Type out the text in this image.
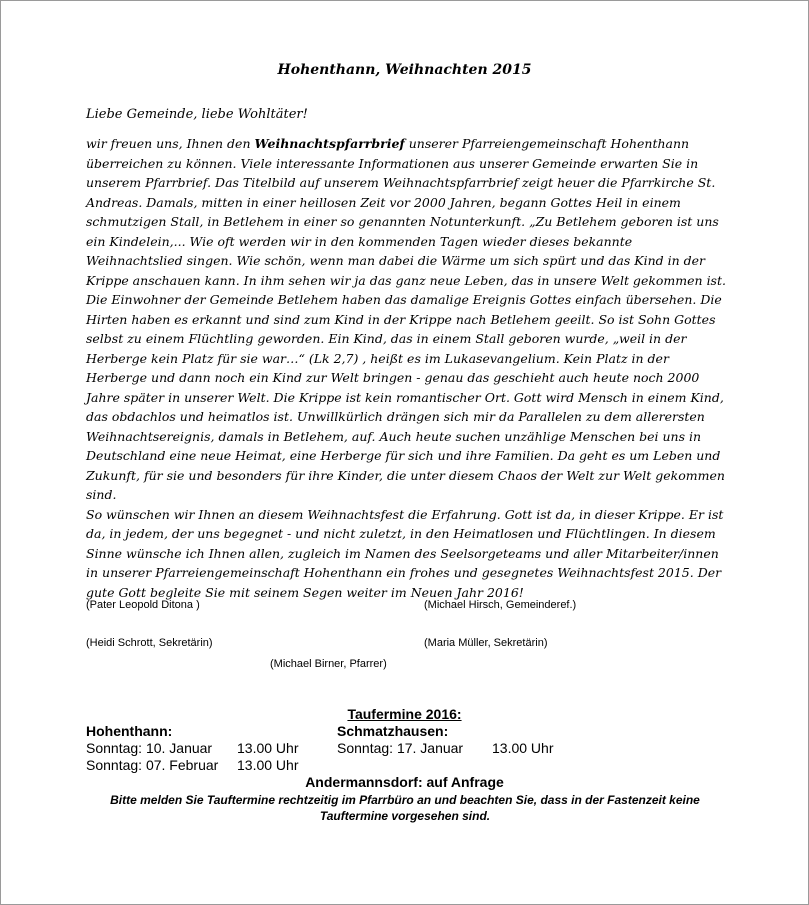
Hohenthann, Weihnachten 2015
Liebe Gemeinde, liebe Wohltäter!

wir freuen uns, Ihnen den Weihnachtspfarrbrief unserer Pfarreiengemeinschaft Hohenthann überreichen zu können. Viele interessante Informationen aus unserer Gemeinde erwarten Sie in unserem Pfarrbrief. Das Titelbild auf unserem Weihnachtspfarrbrief zeigt heuer die Pfarrkirche St. Andreas. Damals, mitten in einer heillosen Zeit vor 2000 Jahren, begann Gottes Heil in einem schmutzigen Stall, in Betlehem in einer so genannten Notunterkunft. „Zu Betlehem geboren ist uns ein Kindelein,... Wie oft werden wir in den kommenden Tagen wieder dieses bekannte Weihnachtslied singen. Wie schön, wenn man dabei die Wärme um sich spürt und das Kind in der Krippe anschauen kann. In ihm sehen wir ja das ganz neue Leben, das in unsere Welt gekommen ist. Die Einwohner der Gemeinde Betlehem haben das damalige Ereignis Gottes einfach übersehen. Die Hirten haben es erkannt und sind zum Kind in der Krippe nach Betlehem geeilt. So ist Sohn Gottes selbst zu einem Flüchtling geworden. Ein Kind, das in einem Stall geboren wurde, „weil in der Herberge kein Platz für sie war…“ (Lk 2,7) , heißt es im Lukasevangelium. Kein Platz in der Herberge und dann noch ein Kind zur Welt bringen - genau das geschieht auch heute noch 2000 Jahre später in unserer Welt. Die Krippe ist kein romantischer Ort. Gott wird Mensch in einem Kind, das obdachlos und heimatlos ist. Unwillkürlich drängen sich mir da Parallelen zu dem allerersten Weihnachtsereignis, damals in Betlehem, auf. Auch heute suchen unzählige Menschen bei uns in Deutschland eine neue Heimat, eine Herberge für sich und ihre Familien. Da geht es um Leben und Zukunft, für sie und besonders für ihre Kinder, die unter diesem Chaos der Welt zur Welt gekommen sind.

So wünschen wir Ihnen an diesem Weihnachtsfest die Erfahrung. Gott ist da, in dieser Krippe. Er ist da, in jedem, der uns begegnet - und nicht zuletzt, in den Heimatlosen und Flüchtlingen. In diesem Sinne wünsche ich Ihnen allen, zugleich im Namen des Seelsorgeteams und aller Mitarbeiter/innen in unserer Pfarreiengemeinschaft Hohenthann ein frohes und gesegnetes Weihnachtsfest 2015. Der gute Gott begleite Sie mit seinem Segen weiter im Neuen Jahr 2016!

(Pater Leopold Ditona )	(Michael Hirsch, Gemeinderef.)
(Heidi Schrott, Sekretärin)	(Maria Müller, Sekretärin)
(Michael Birner, Pfarrer)
Taufermine 2016:
Hohenthann:	Schmatzhausen:
Sonntag: 10. Januar 13.00 Uhr	Sonntag: 17. Januar 13.00 Uhr
Sonntag: 07. Februar 13.00 Uhr
Andermannsdorf: auf Anfrage
Bitte melden Sie Tauftermine rechtzeitig im Pfarrbüro an und beachten Sie, dass in der Fastenzeit keine Tauftermine vorgesehen sind.
